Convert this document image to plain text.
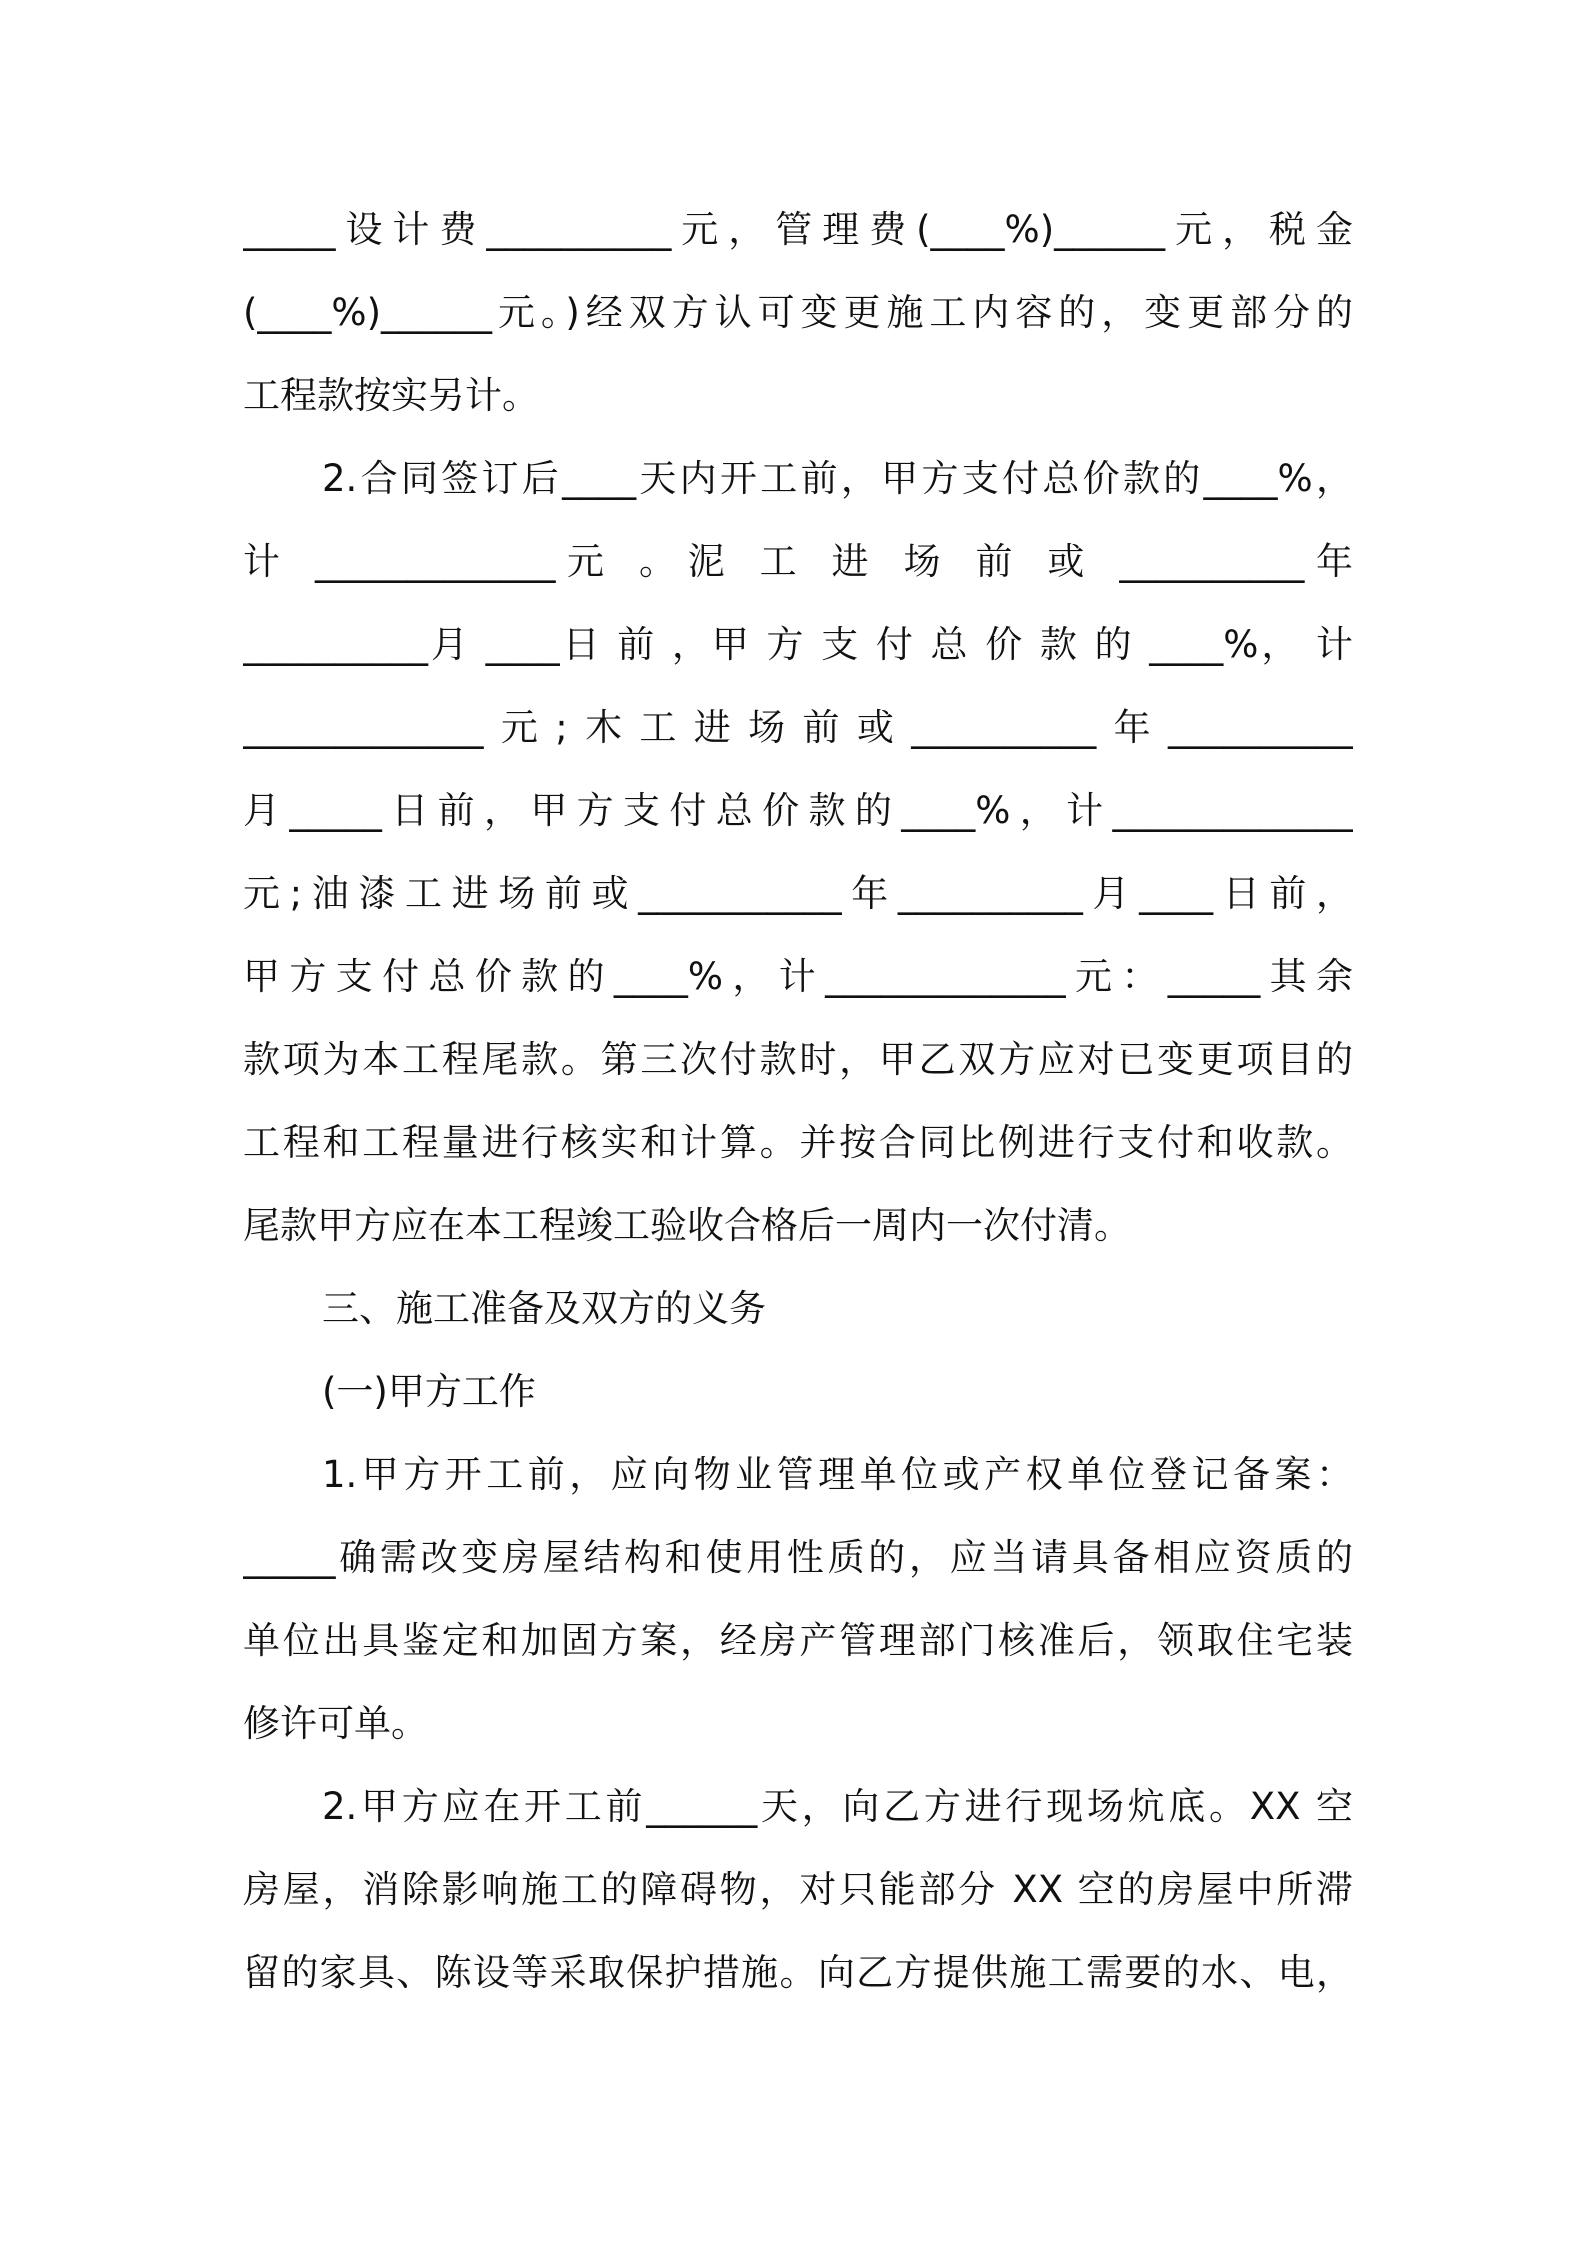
_____设计费__________元，管理费(____%)______元，税金
(____%)______元。)经双方认可变更施工内容的，变更部分的
工程款按实另计。
2.合同签订后____天内开工前，甲方支付总价款的____%，
计 _____________元 。泥 工 进 场 前 或 __________年
__________月 ____日 前 ，甲 方 支 付 总 价 款 的 ____%， 计
_____________元;木工进场前或__________年__________
月_____日前，甲方支付总价款的____%，计_____________
元;油漆工进场前或___________年__________月____日前，
甲方支付总价款的____%，计_____________元：_____其余
款项为本工程尾款。第三次付款时，甲乙双方应对已变更项目的
工程和工程量进行核实和计算。并按合同比例进行支付和收款。
尾款甲方应在本工程竣工验收合格后一周内一次付清。
三、施工准备及双方的义务
(一)甲方工作
1.甲方开工前，应向物业管理单位或产权单位登记备案：
_____确需改变房屋结构和使用性质的，应当请具备相应资质的
单位出具鉴定和加固方案，经房产管理部门核准后，领取住宅装
修许可单。
2.甲方应在开工前______天，向乙方进行现场炕底。XX 空
房屋，消除影响施工的障碍物，对只能部分 XX 空的房屋中所滞
留的家具、陈设等采取保护措施。向乙方提供施工需要的水、电，
